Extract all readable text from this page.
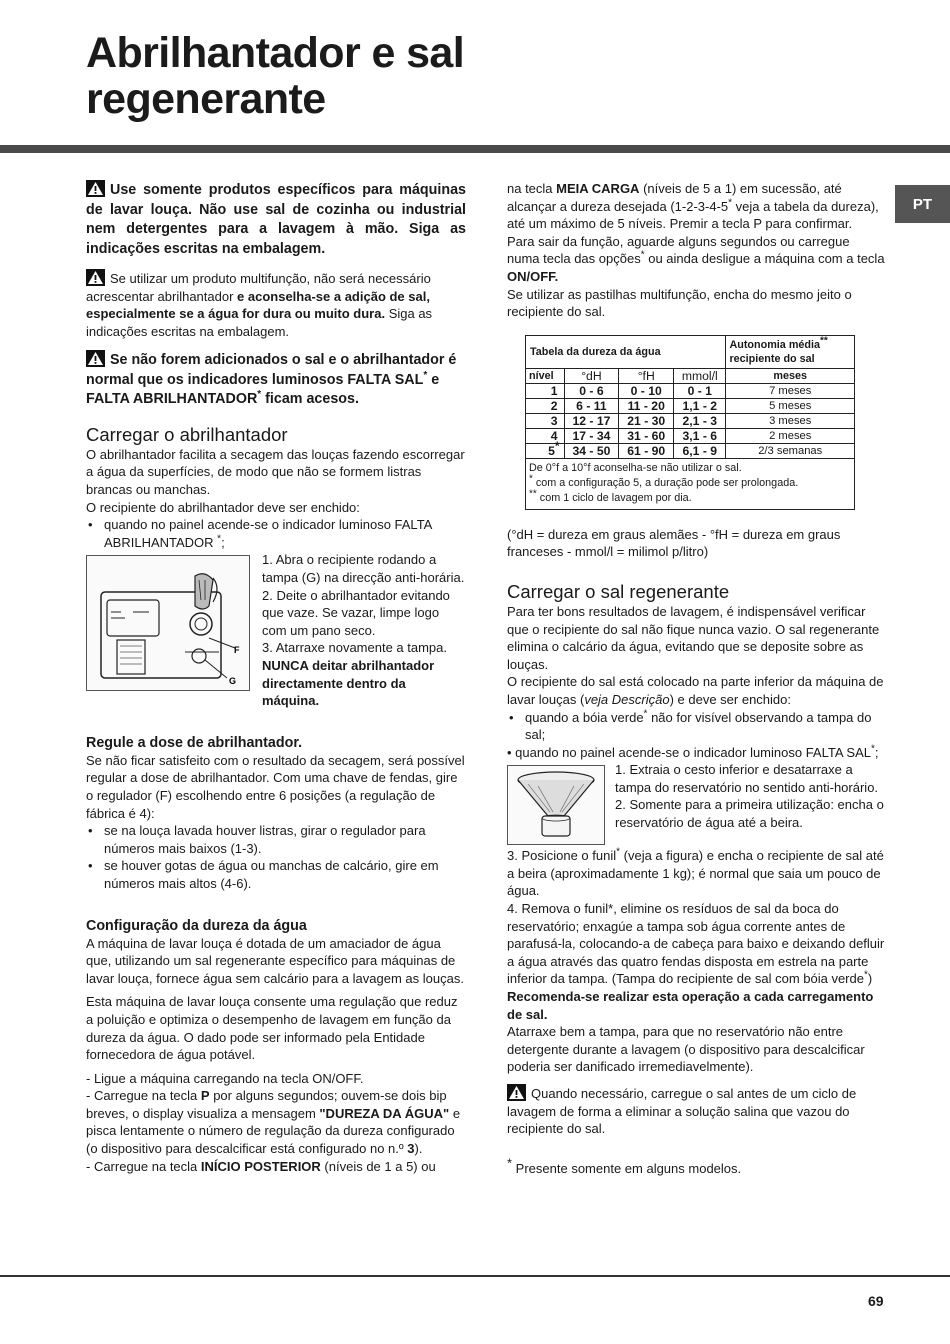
Abrilhantador e sal
regenerante
PT

Use somente produtos específicos para máquinas de lavar louça. Não use sal de cozinha ou industrial nem detergentes para a lavagem à mão. Siga as indicações escritas na embalagem.

Se utilizar um produto multifunção, não será necessário acrescentar abrilhantador e aconselha-se a adição de sal, especialmente se a água for dura ou muito dura. Siga as indicações escritas na embalagem.

Se não forem adicionados o sal e o abrilhantador é normal que os indicadores luminosos FALTA SAL* e FALTA ABRILHANTADOR* ficam acesos.

Carregar o abrilhantador

O abrilhantador facilita a secagem das louças fazendo escorregar a água da superfícies, de modo que não se formem listras brancas ou manchas.

O recipiente do abrilhantador deve ser enchido:

• quando no painel acende-se o indicador luminoso FALTA ABRILHANTADOR *;
F
G

1. Abra o recipiente rodando a tampa (G) na direcção anti-horária.

2. Deite o abrilhantador evitando que vaze. Se vazar, limpe logo com um pano seco.

3. Atarraxe novamente a tampa.

NUNCA deitar abrilhantador directamente dentro da máquina.

Regule a dose de abrilhantador.

Se não ficar satisfeito com o resultado da secagem, será possível regular a dose de abrilhantador. Com uma chave de fendas, gire o regulador (F) escolhendo entre 6 posições (a regulação de fábrica é 4):

• se na louça lavada houver listras, girar o regulador para números mais baixos (1-3).
• se houver gotas de água ou manchas de calcário, gire em números mais altos (4-6).
Configuração da dureza da água

A máquina de lavar louça é dotada de um amaciador de água que, utilizando um sal regenerante específico para máquinas de lavar louça, fornece água sem calcário para a lavagem as louças.

Esta máquina de lavar louça consente uma regulação que reduz a poluição e optimiza o desempenho de lavagem em função da dureza da água. O dado pode ser informado pela Entidade fornecedora de água potável.

- Ligue a máquina carregando na tecla ON/OFF.

- Carregue na tecla P por alguns segundos; ouvem-se dois bip breves, o display visualiza a mensagem "DUREZA DA ÁGUA" e pisca lentamente o número de regulação da dureza configurado (o dispositivo para descalcificar está configurado no n.º 3).

- Carregue na tecla INÍCIO POSTERIOR (níveis de 1 a 5) ou

na tecla MEIA CARGA (níveis de 5 a 1) em sucessão, até alcançar a dureza desejada (1-2-3-4-5* veja a tabela da dureza), até um máximo de 5 níveis. Premir a tecla P para confirmar.

Para sair da função, aguarde alguns segundos ou carregue numa tecla das opções* ou ainda desligue a máquina com a tecla ON/OFF.

Se utilizar as pastilhas multifunção, encha do mesmo jeito o recipiente do sal.

Tabela da dureza da água				Autonomia média**
recipiente do sal
nível	°dH	°fH	mmol/l	meses
1	0 - 6	0 - 10	0 - 1	7 meses
2	6 - 11	11 - 20	1,1 - 2	5 meses
3	12 - 17	21 - 30	2,1 - 3	3 meses
4	17 - 34	31 - 60	3,1 - 6	2 meses
5*	34 - 50	61 - 90	6,1 - 9	2/3 semanas

De 0°f a 10°f aconselha-se não utilizar o sal.
* com a configuração 5, a duração pode ser prolongada.
** com 1 ciclo de lavagem por dia.				

(°dH = dureza em graus alemães - °fH = dureza em graus franceses - mmol/l = milimol p/litro)

Carregar o sal regenerante

Para ter bons resultados de lavagem, é indispensável verificar que o recipiente do sal não fique nunca vazio. O sal regenerante elimina o calcário da água, evitando que se deposite sobre as louças.

O recipiente do sal está colocado na parte inferior da máquina de lavar louças (veja Descrição) e deve ser enchido:

• quando a bóia verde* não for visível observando a tampa do sal;

• quando no painel acende-se o indicador luminoso FALTA SAL*;

1. Extraia o cesto inferior e desatarraxe a tampa do reservatório no sentido anti-horário.

2. Somente para a primeira utilização: encha o reservatório de água até a beira.

3. Posicione o funil* (veja a figura) e encha o recipiente de sal até a beira (aproximadamente 1 kg); é normal que saia um pouco de água.

4. Remova o funil*, elimine os resíduos de sal da boca do reservatório; enxagúe a tampa sob água corrente antes de parafusá-la, colocando-a de cabeça para baixo e deixando defluir a água através das quatro fendas disposta em estrela na parte inferior da tampa. (Tampa do recipiente de sal com bóia verde*)

Recomenda-se realizar esta operação a cada carregamento de sal.

Atarraxe bem a tampa, para que no reservatório não entre detergente durante a lavagem (o dispositivo para descalcificar poderia ser danificado irremediavelmente).

Quando necessário, carregue o sal antes de um ciclo de lavagem de forma a eliminar a solução salina que vazou do recipiente do sal.

* Presente somente em alguns modelos.

69
